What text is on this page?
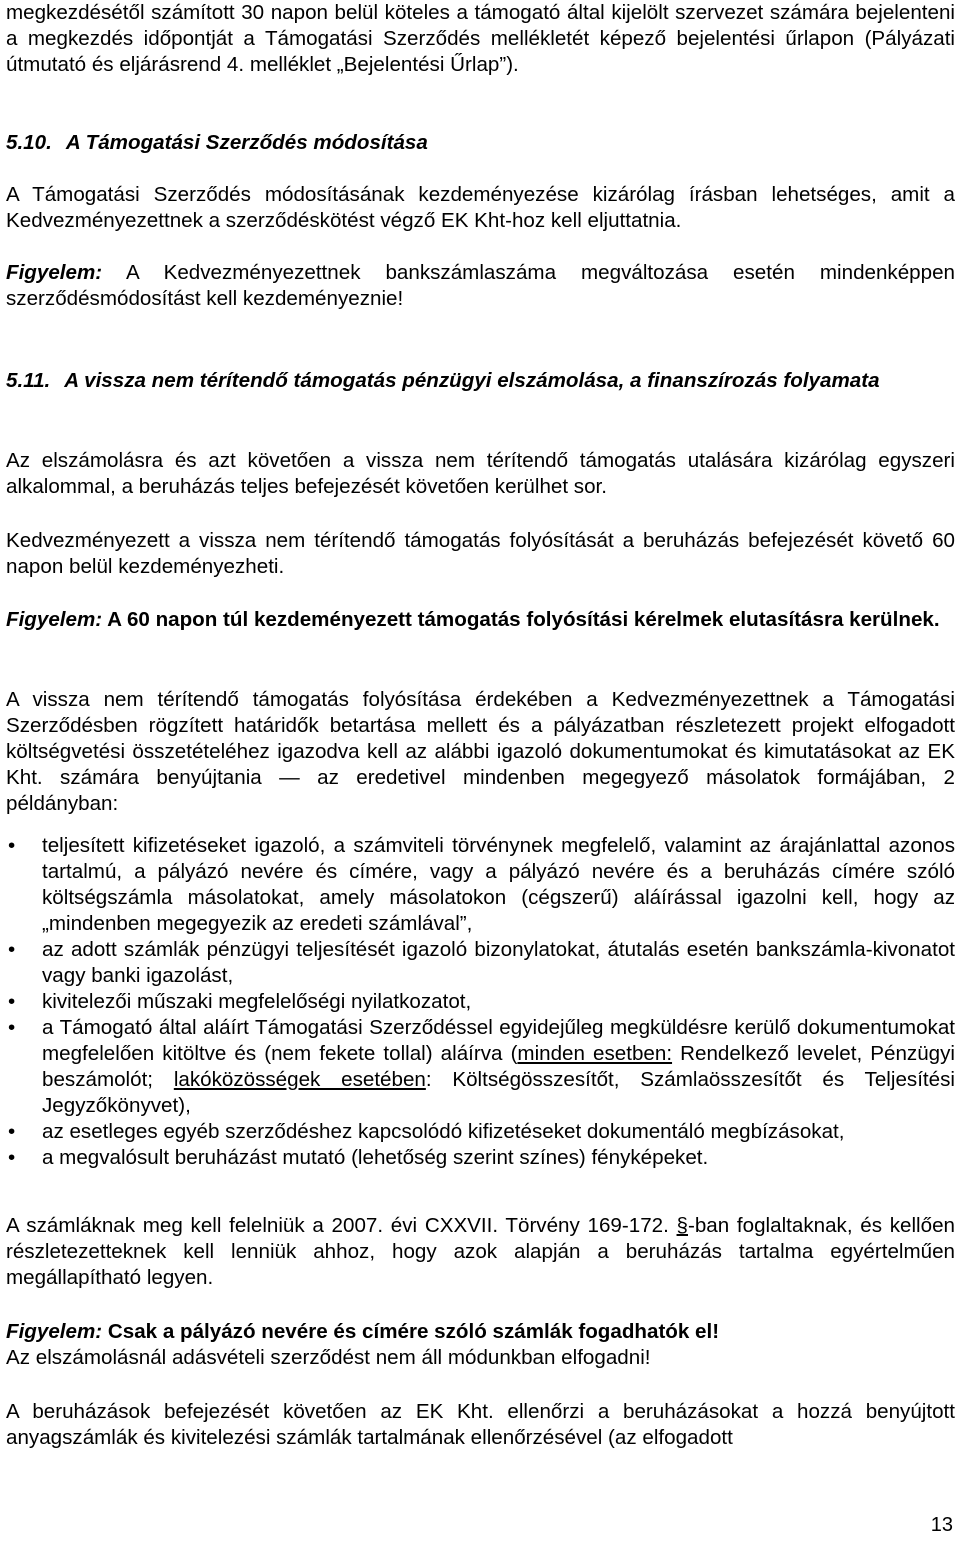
megkezdésétől számított 30 napon belül köteles a támogató által kijelölt szervezet számára bejelenteni a megkezdés időpontját a Támogatási Szerződés mellékletét képező bejelentési űrlapon (Pályázati útmutató és eljárásrend 4. melléklet „Bejelentési Űrlap”).

5.10. A Támogatási Szerződés módosítása

A Támogatási Szerződés módosításának kezdeményezése kizárólag írásban lehetséges, amit a Kedvezményezettnek a szerződéskötést végző EK Kht-hoz kell eljuttatnia.

Figyelem: A Kedvezményezettnek bankszámlaszáma megváltozása esetén mindenképpen szerződésmódosítást kell kezdeményeznie!

5.11. A vissza nem térítendő támogatás pénzügyi elszámolása, a finanszírozás folyamata

Az elszámolásra és azt követően a vissza nem térítendő támogatás utalására kizárólag egyszeri alkalommal, a beruházás teljes befejezését követően kerülhet sor.

Kedvezményezett a vissza nem térítendő támogatás folyósítását a beruházás befejezését követő 60 napon belül kezdeményezheti.

Figyelem: A 60 napon túl kezdeményezett támogatás folyósítási kérelmek elutasításra kerülnek.

A vissza nem térítendő támogatás folyósítása érdekében a Kedvezményezettnek a Támogatási Szerződésben rögzített határidők betartása mellett és a pályázatban részletezett projekt elfogadott költségvetési összetételéhez igazodva kell az alábbi igazoló dokumentumokat és kimutatásokat az EK Kht. számára benyújtania — az eredetivel mindenben megegyező másolatok formájában, 2 példányban:

• teljesített kifizetéseket igazoló, a számviteli törvénynek megfelelő, valamint az árajánlattal azonos tartalmú, a pályázó nevére és címére, vagy a pályázó nevére és a beruházás címére szóló költségszámla másolatokat, amely másolatokon (cégszerű) aláírással igazolni kell, hogy az „mindenben megegyezik az eredeti számlával”,
• az adott számlák pénzügyi teljesítését igazoló bizonylatokat, átutalás esetén bankszámla-kivonatot vagy banki igazolást,
• kivitelezői műszaki megfelelőségi nyilatkozatot,
• a Támogató által aláírt Támogatási Szerződéssel egyidejűleg megküldésre kerülő dokumentumokat megfelelően kitöltve és (nem fekete tollal) aláírva (minden esetben: Rendelkező levelet, Pénzügyi beszámolót; lakóközösségek esetében: Költségösszesítőt, Számlaösszesítőt és Teljesítési Jegyzőkönyvet),
• az esetleges egyéb szerződéshez kapcsolódó kifizetéseket dokumentáló megbízásokat,
• a megvalósult beruházást mutató (lehetőség szerint színes) fényképeket.

A számláknak meg kell felelniük a 2007. évi CXXVII. Törvény 169-172. §-ban foglaltaknak, és kellően részletezetteknek kell lenniük ahhoz, hogy azok alapján a beruházás tartalma egyértelműen megállapítható legyen.

Figyelem: Csak a pályázó nevére és címére szóló számlák fogadhatók el!
Az elszámolásnál adásvételi szerződést nem áll módunkban elfogadni!

A beruházások befejezését követően az EK Kht. ellenőrzi a beruházásokat a hozzá benyújtott anyagszámlák és kivitelezési számlák tartalmának ellenőrzésével (az elfogadott

13
